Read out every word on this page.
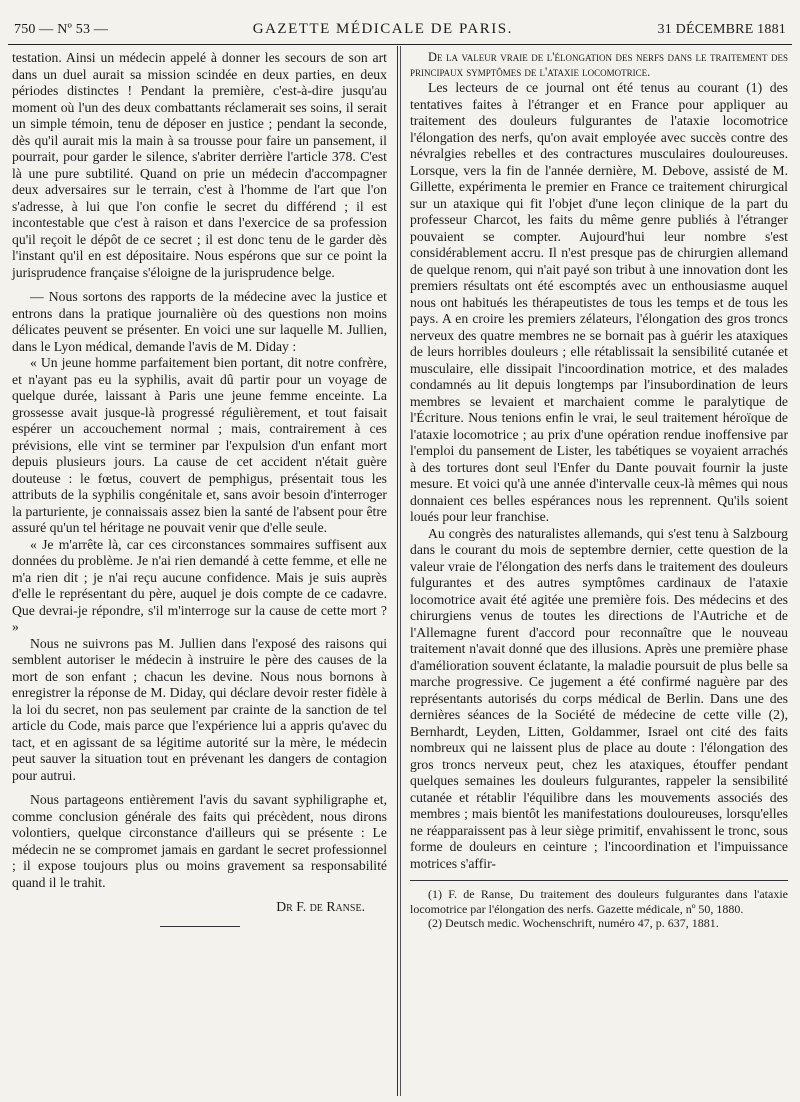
750 — Nº 53 —	GAZETTE MÉDICALE DE PARIS.	31 DÉCEMBRE 1881

testation. Ainsi un médecin appelé à donner les secours de son art dans un duel aurait sa mission scindée en deux parties, en deux périodes distinctes ! Pendant la première, c'est-à-dire jusqu'au moment où l'un des deux combattants réclamerait ses soins, il serait un simple témoin, tenu de déposer en justice ; pendant la seconde, dès qu'il aurait mis la main à sa trousse pour faire un pansement, il pourrait, pour garder le silence, s'abriter derrière l'article 378. C'est là une pure subtilité. Quand on prie un médecin d'accompagner deux adversaires sur le terrain, c'est à l'homme de l'art que l'on s'adresse, à lui que l'on confie le secret du différend ; il est incontestable que c'est à raison et dans l'exercice de sa profession qu'il reçoit le dépôt de ce secret ; il est donc tenu de le garder dès l'instant qu'il en est dépositaire. Nous espérons que sur ce point la jurisprudence française s'éloigne de la jurisprudence belge.

— Nous sortons des rapports de la médecine avec la justice et entrons dans la pratique journalière où des questions non moins délicates peuvent se présenter. En voici une sur laquelle M. Jullien, dans le Lyon médical, demande l'avis de M. Diday :

« Un jeune homme parfaitement bien portant, dit notre confrère, et n'ayant pas eu la syphilis, avait dû partir pour un voyage de quelque durée, laissant à Paris une jeune femme enceinte. La grossesse avait jusque-là progressé régulièrement, et tout faisait espérer un accouchement normal ; mais, contrairement à ces prévisions, elle vint se terminer par l'expulsion d'un enfant mort depuis plusieurs jours. La cause de cet accident n'était guère douteuse : le fœtus, couvert de pemphigus, présentait tous les attributs de la syphilis congénitale et, sans avoir besoin d'interroger la parturiente, je connaissais assez bien la santé de l'absent pour être assuré qu'un tel héritage ne pouvait venir que d'elle seule.

« Je m'arrête là, car ces circonstances sommaires suffisent aux données du problème. Je n'ai rien demandé à cette femme, et elle ne m'a rien dit ; je n'ai reçu aucune confidence. Mais je suis auprès d'elle le représentant du père, auquel je dois compte de ce cadavre. Que devrai-je répondre, s'il m'interroge sur la cause de cette mort ? »

Nous ne suivrons pas M. Jullien dans l'exposé des raisons qui semblent autoriser le médecin à instruire le père des causes de la mort de son enfant ; chacun les devine. Nous nous bornons à enregistrer la réponse de M. Diday, qui déclare devoir rester fidèle à la loi du secret, non pas seulement par crainte de la sanction de tel article du Code, mais parce que l'expérience lui a appris qu'avec du tact, et en agissant de sa légitime autorité sur la mère, le médecin peut sauver la situation tout en prévenant les dangers de contagion pour autrui.

Nous partageons entièrement l'avis du savant syphiligraphe et, comme conclusion générale des faits qui précèdent, nous dirons volontiers, quelque circonstance d'ailleurs qui se présente : Le médecin ne se compromet jamais en gardant le secret professionnel ; il expose toujours plus ou moins gravement sa responsabilité quand il le trahit.

Dr F. de Ranse.

De la valeur vraie de l'élongation des nerfs dans le traitement des principaux symptômes de l'ataxie locomotrice.

Les lecteurs de ce journal ont été tenus au courant (1) des tentatives faites à l'étranger et en France pour appliquer au traitement des douleurs fulgurantes de l'ataxie locomotrice l'élongation des nerfs, qu'on avait employée avec succès contre des névralgies rebelles et des contractures musculaires douloureuses. Lorsque, vers la fin de l'année dernière, M. Debove, assisté de M. Gillette, expérimenta le premier en France ce traitement chirurgical sur un ataxique qui fit l'objet d'une leçon clinique de la part du professeur Charcot, les faits du même genre publiés à l'étranger pouvaient se compter. Aujourd'hui leur nombre s'est considérablement accru. Il n'est presque pas de chirurgien allemand de quelque renom, qui n'ait payé son tribut à une innovation dont les premiers résultats ont été escomptés avec un enthousiasme auquel nous ont habitués les thérapeutistes de tous les temps et de tous les pays. A en croire les premiers zélateurs, l'élongation des gros troncs nerveux des quatre membres ne se bornait pas à guérir les ataxiques de leurs horribles douleurs ; elle rétablissait la sensibilité cutanée et musculaire, elle dissipait l'incoordination motrice, et des malades condamnés au lit depuis longtemps par l'insubordination de leurs membres se levaient et marchaient comme le paralytique de l'Écriture. Nous tenions enfin le vrai, le seul traitement héroïque de l'ataxie locomotrice ; au prix d'une opération rendue inoffensive par l'emploi du pansement de Lister, les tabétiques se voyaient arrachés à des tortures dont seul l'Enfer du Dante pouvait fournir la juste mesure. Et voici qu'à une année d'intervalle ceux-là mêmes qui nous donnaient ces belles espérances nous les reprennent. Qu'ils soient loués pour leur franchise.

Au congrès des naturalistes allemands, qui s'est tenu à Salzbourg dans le courant du mois de septembre dernier, cette question de la valeur vraie de l'élongation des nerfs dans le traitement des douleurs fulgurantes et des autres symptômes cardinaux de l'ataxie locomotrice avait été agitée une première fois. Des médecins et des chirurgiens venus de toutes les directions de l'Autriche et de l'Allemagne furent d'accord pour reconnaître que le nouveau traitement n'avait donné que des illusions. Après une première phase d'amélioration souvent éclatante, la maladie poursuit de plus belle sa marche progressive. Ce jugement a été confirmé naguère par des représentants autorisés du corps médical de Berlin. Dans une des dernières séances de la Société de médecine de cette ville (2), Bernhardt, Leyden, Litten, Goldammer, Israel ont cité des faits nombreux qui ne laissent plus de place au doute : l'élongation des gros troncs nerveux peut, chez les ataxiques, étouffer pendant quelques semaines les douleurs fulgurantes, rappeler la sensibilité cutanée et rétablir l'équilibre dans les mouvements associés des membres ; mais bientôt les manifestations douloureuses, lorsqu'elles ne réapparaissent pas à leur siège primitif, envahissent le tronc, sous forme de douleurs en ceinture ; l'incoordination et l'impuissance motrices s'affir-

(1) F. de Ranse, Du traitement des douleurs fulgurantes dans l'ataxie locomotrice par l'élongation des nerfs. Gazette médicale, nº 50, 1880.

(2) Deutsch medic. Wochenschrift, numéro 47, p. 637, 1881.
